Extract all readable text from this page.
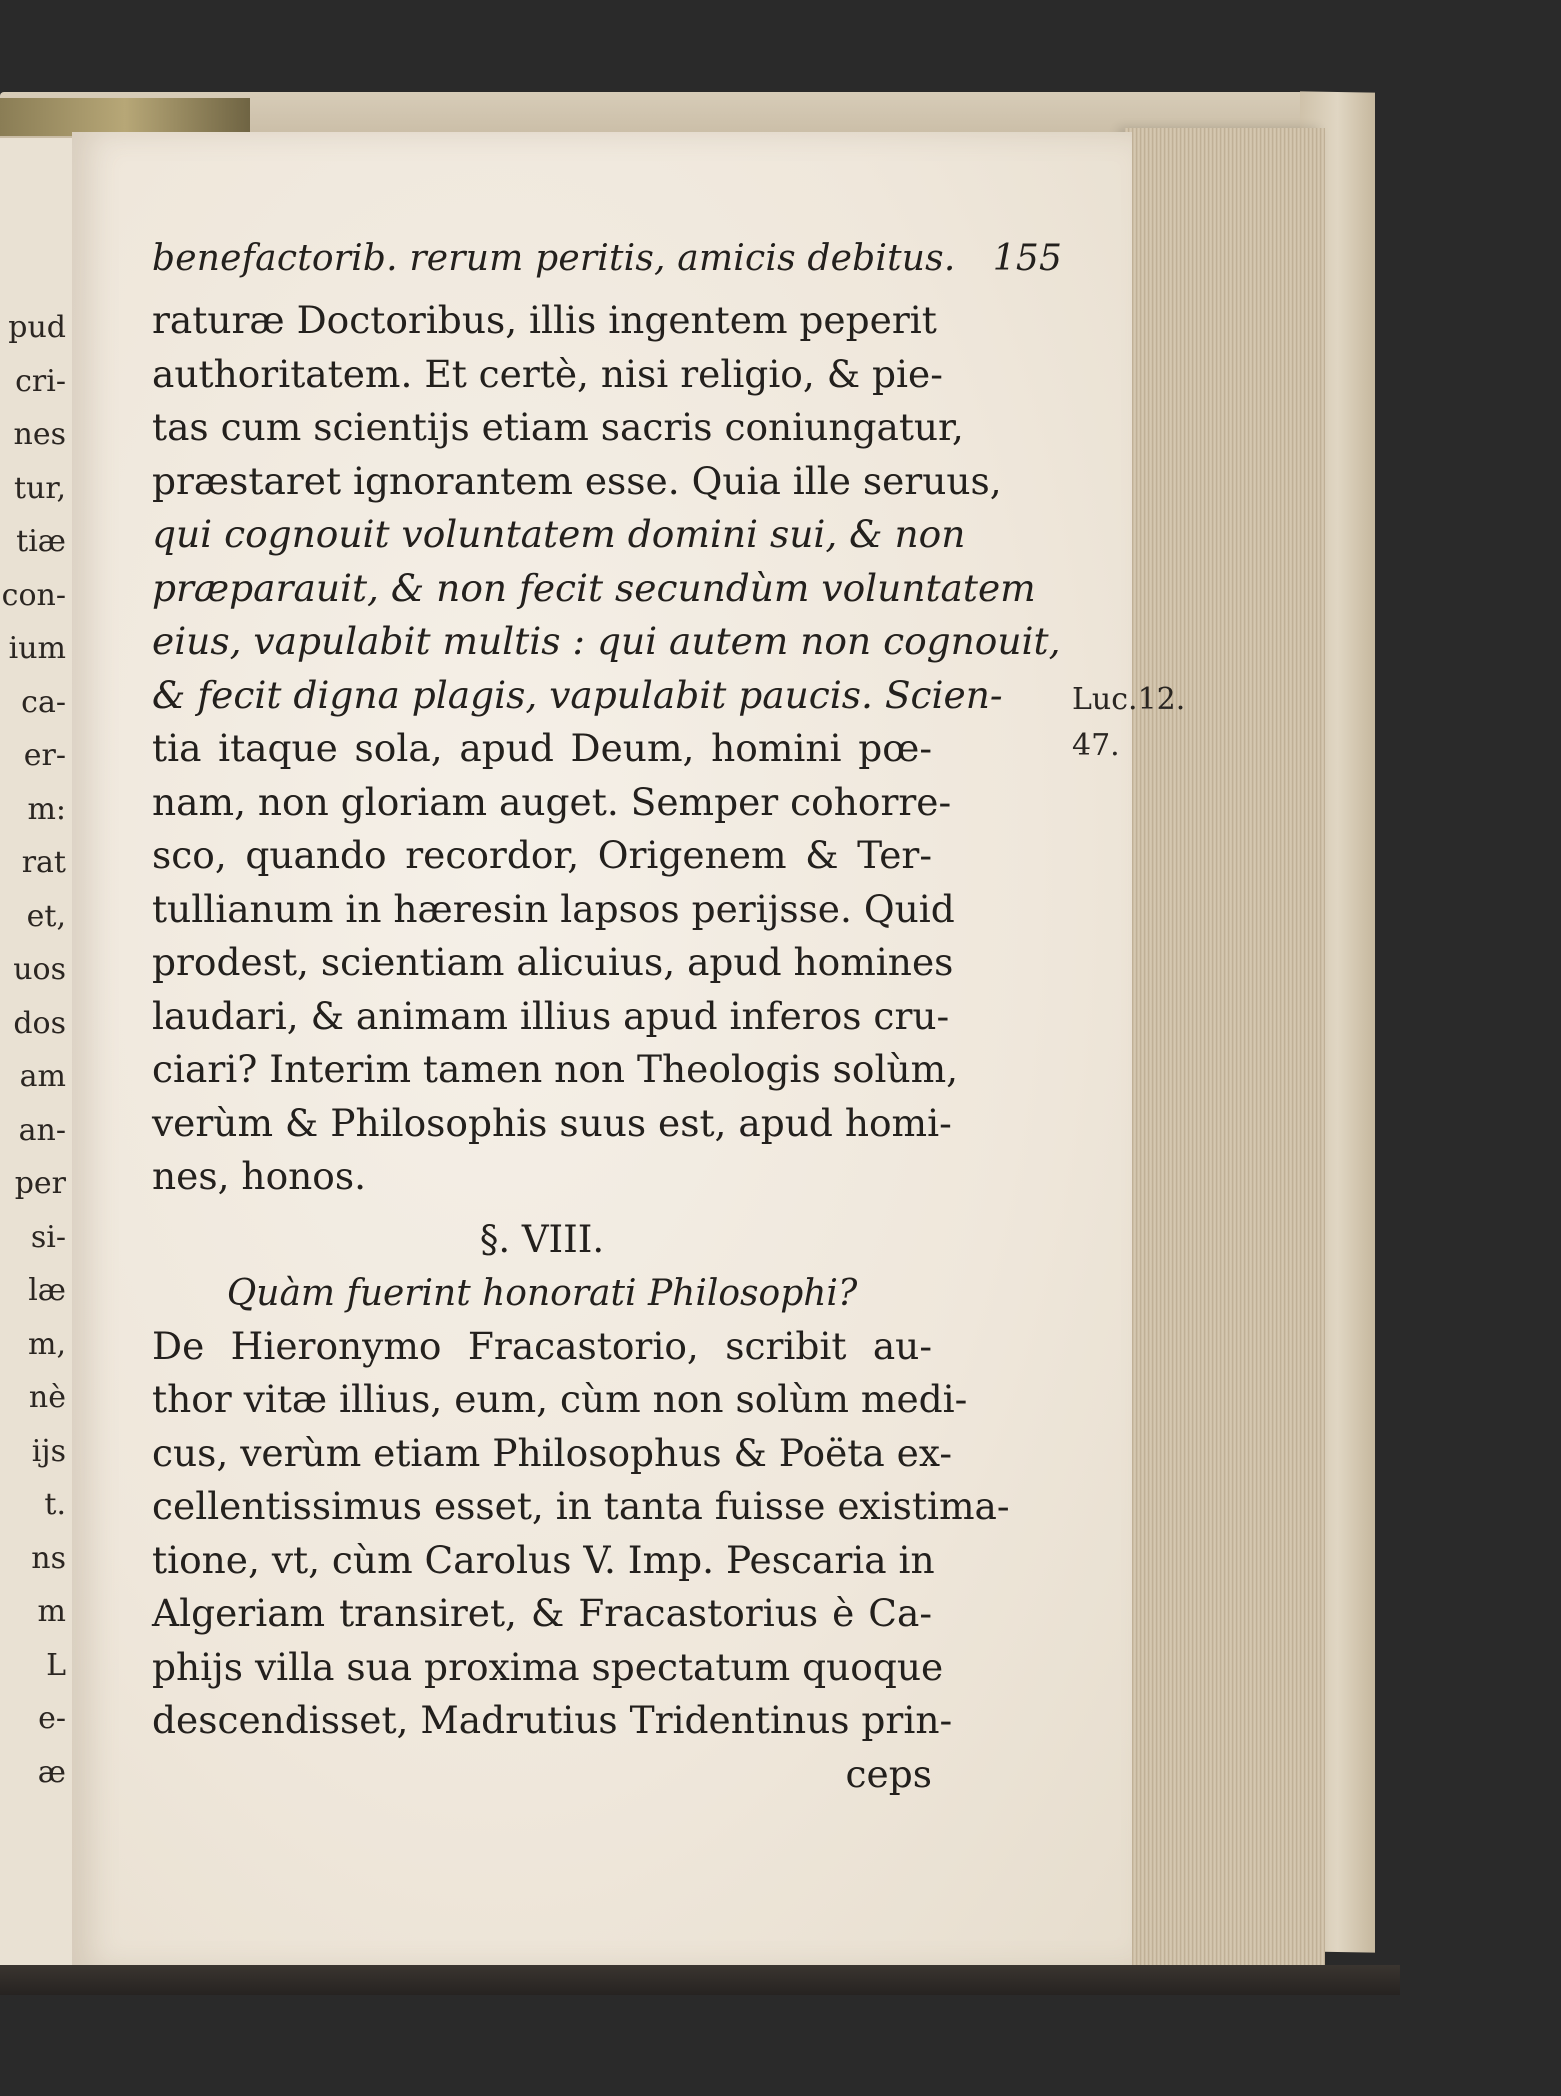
pud
cri-
nes
tur,
tiæ
con-
ium
ca-
er-
m:
rat
et,
uos
dos
am
an-
per
si-
læ
m,
nè
ijs
t.
ns
m
L
e-
æ
benefactorib. rerum peritis, amicis debitus. 155
raturæ Doctoribus, illis ingentem peperit
authoritatem. Et certè, nisi religio, & pie-
tas cum scientijs etiam sacris coniungatur,
præstaret ignorantem esse. Quia ille seruus,
qui cognouit voluntatem domini sui, & non
præparauit, & non fecit secundùm voluntatem
eius, vapulabit multis : qui autem non cognouit,
& fecit digna plagis, vapulabit paucis. Scien-
tia itaque sola, apud Deum, homini pœ-
nam, non gloriam auget. Semper cohorre-
sco, quando recordor, Origenem & Ter-
tullianum in hæresin lapsos perijsse. Quid
prodest, scientiam alicuius, apud homines
laudari, & animam illius apud inferos cru-
ciari? Interim tamen non Theologis solùm,
verùm & Philosophis suus est, apud homi-
nes, honos.
§. VIII.
Quàm fuerint honorati Philosophi?
De Hieronymo Fracastorio, scribit au-
thor vitæ illius, eum, cùm non solùm medi-
cus, verùm etiam Philosophus & Poëta ex-
cellentissimus esset, in tanta fuisse existima-
tione, vt, cùm Carolus V. Imp. Pescaria in
Algeriam transiret, & Fracastorius è Ca-
phijs villa sua proxima spectatum quoque
descendisset, Madrutius Tridentinus prin-
ceps
Luc.12.
47.
